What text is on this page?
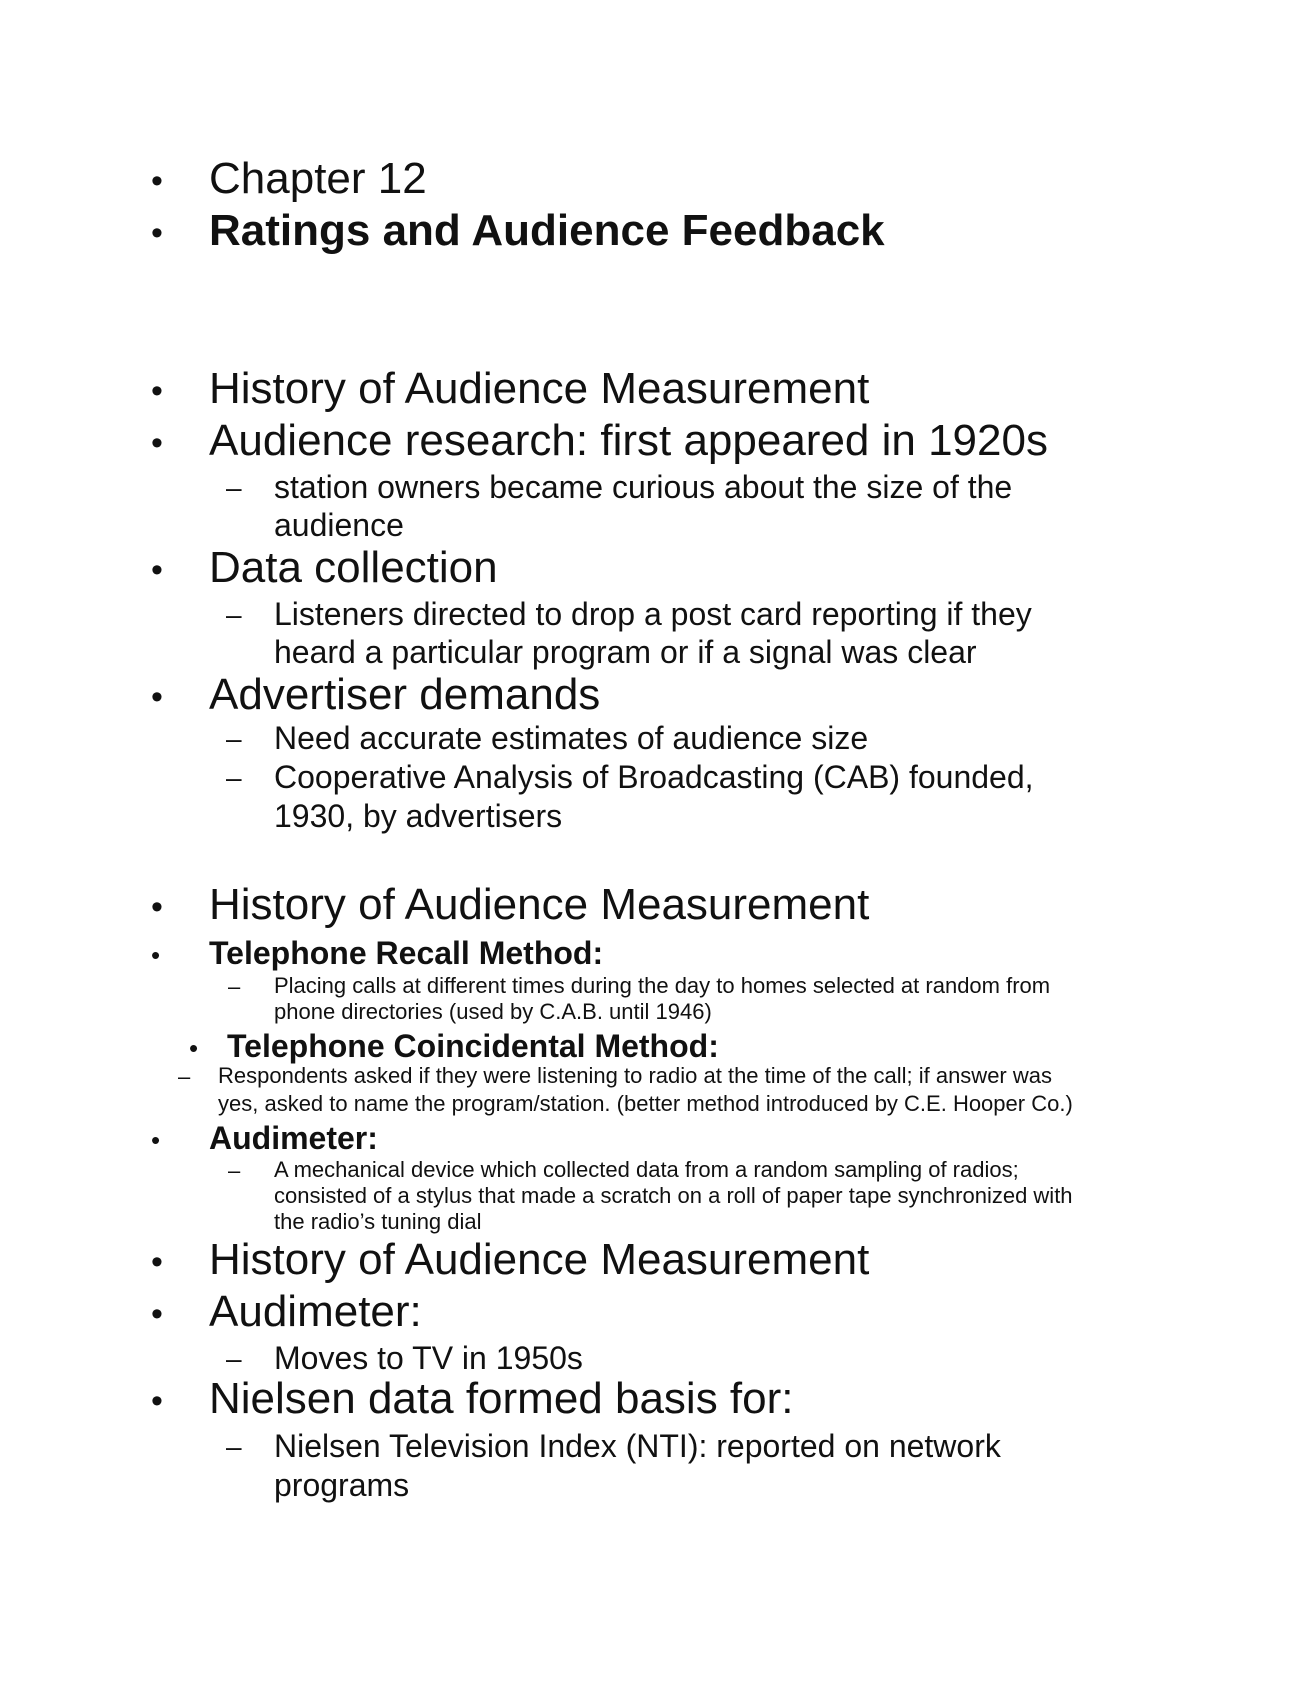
• Chapter 12
• Ratings and Audience Feedback
• History of Audience Measurement
• Audience research: first appeared in 1920s
– station owners became curious about the size of the
audience
• Data collection
– Listeners directed to drop a post card reporting if they
heard a particular program or if a signal was clear
• Advertiser demands
– Need accurate estimates of audience size
– Cooperative Analysis of Broadcasting (CAB) founded,
1930, by advertisers
• History of Audience Measurement
• Telephone Recall Method:
– Placing calls at different times during the day to homes selected at random from
phone directories (used by C.A.B. until 1946)
• Telephone Coincidental Method:
– Respondents asked if they were listening to radio at the time of the call; if answer was
yes, asked to name the program/station. (better method introduced by C.E. Hooper Co.)
• Audimeter:
– A mechanical device which collected data from a random sampling of radios;
consisted of a stylus that made a scratch on a roll of paper tape synchronized with
the radio’s tuning dial
• History of Audience Measurement
• Audimeter:
– Moves to TV in 1950s
• Nielsen data formed basis for:
– Nielsen Television Index (NTI): reported on network
programs
